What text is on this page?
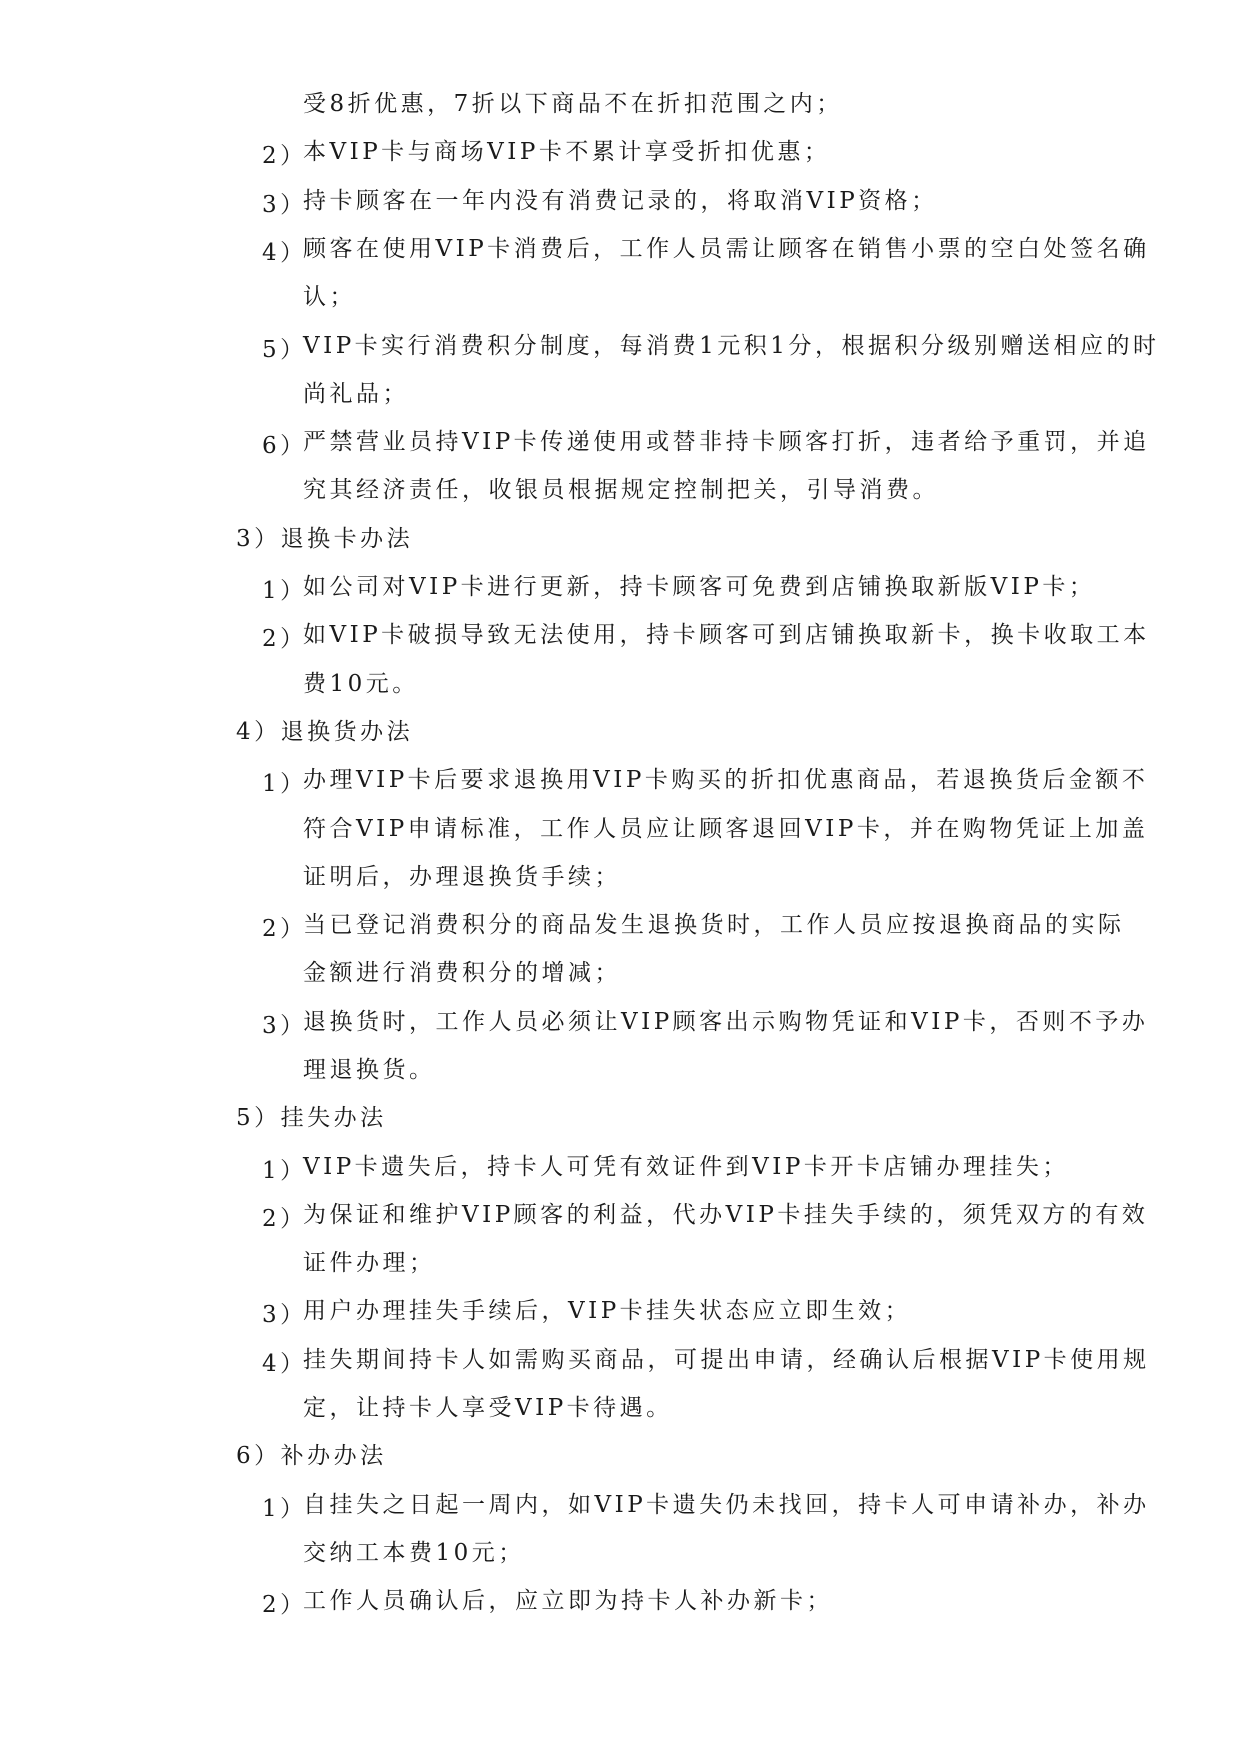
受8折优惠，7折以下商品不在折扣范围之内；
2）
本VIP卡与商场VIP卡不累计享受折扣优惠；
3）
持卡顾客在一年内没有消费记录的，将取消VIP资格；
4）
顾客在使用VIP卡消费后，工作人员需让顾客在销售小票的空白处签名确
认；
5）
VIP卡实行消费积分制度，每消费1元积1分，根据积分级别赠送相应的时
尚礼品；
6）
严禁营业员持VIP卡传递使用或替非持卡顾客打折，违者给予重罚，并追
究其经济责任，收银员根据规定控制把关，引导消费。
3）退换卡办法
1）
如公司对VIP卡进行更新，持卡顾客可免费到店铺换取新版VIP卡；
2）
如VIP卡破损导致无法使用，持卡顾客可到店铺换取新卡，换卡收取工本
费10元。
4）退换货办法
1）
办理VIP卡后要求退换用VIP卡购买的折扣优惠商品，若退换货后金额不
符合VIP申请标准，工作人员应让顾客退回VIP卡，并在购物凭证上加盖
证明后，办理退换货手续；
2）
当已登记消费积分的商品发生退换货时，工作人员应按退换商品的实际
金额进行消费积分的增减；
3）
退换货时，工作人员必须让VIP顾客出示购物凭证和VIP卡，否则不予办
理退换货。
5）挂失办法
1）
VIP卡遗失后，持卡人可凭有效证件到VIP卡开卡店铺办理挂失；
2）
为保证和维护VIP顾客的利益，代办VIP卡挂失手续的，须凭双方的有效
证件办理；
3）
用户办理挂失手续后，VIP卡挂失状态应立即生效；
4）
挂失期间持卡人如需购买商品，可提出申请，经确认后根据VIP卡使用规
定，让持卡人享受VIP卡待遇。
6）补办办法
1）
自挂失之日起一周内，如VIP卡遗失仍未找回，持卡人可申请补办，补办
交纳工本费10元；
2）
工作人员确认后，应立即为持卡人补办新卡；
